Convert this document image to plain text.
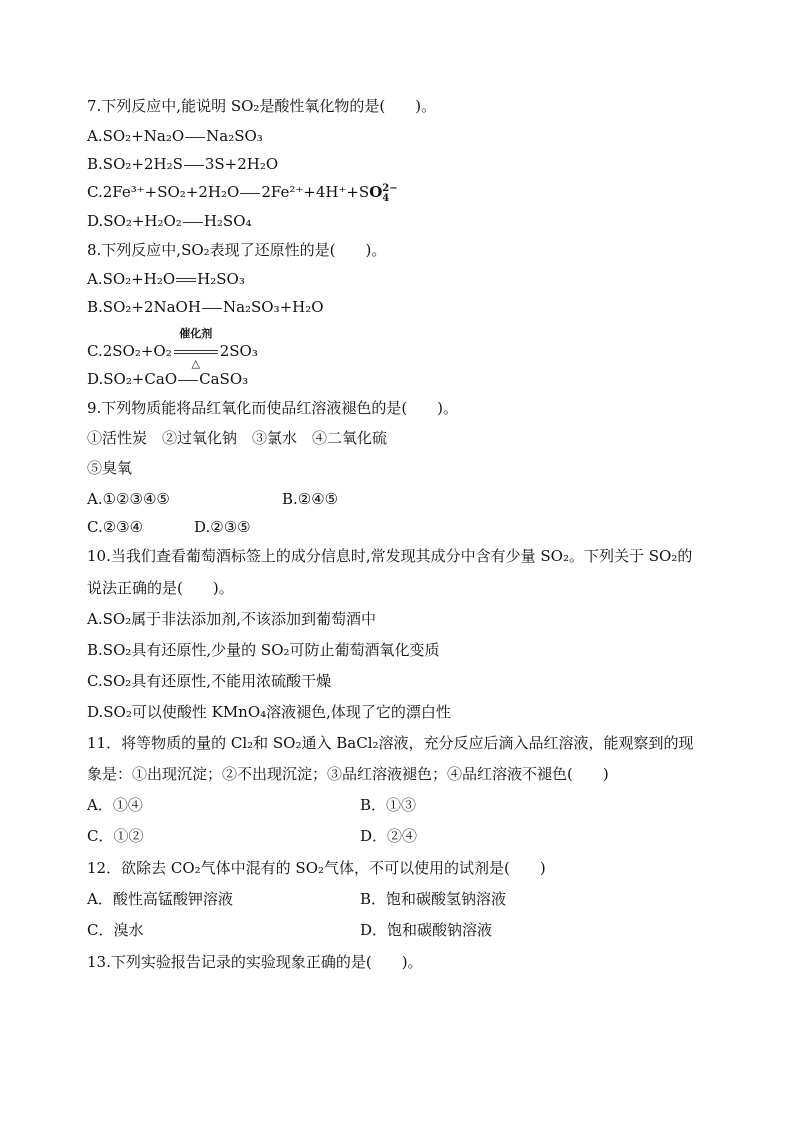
7.下列反应中,能说明 SO₂是酸性氧化物的是(　　)。
A.SO₂+Na₂O Na₂SO₃
B.SO₂+2H₂S 3S+2H₂O
C.2Fe³⁺+SO₂+2H₂O 2Fe²⁺+4H⁺+SO 2−
4
D.SO₂+H₂O₂ H₂SO₄
8.下列反应中,SO₂表现了还原性的是(　　)。
A.SO₂+H₂O H₂SO₃
B.SO₂+2NaOH Na₂SO₃+H₂O
C.2SO₂+O₂
催化剂
△
2SO₃
D.SO₂+CaO CaSO₃
9.下列物质能将品红氧化而使品红溶液褪色的是(　　)。
①活性炭　②过氧化钠　③氯水　④二氧化硫
⑤臭氧
A.①②③④⑤	B.②④⑤
C.②③④	D.②③⑤
10.当我们查看葡萄酒标签上的成分信息时,常发现其成分中含有少量 SO₂。下列关于 SO₂的
说法正确的是(　　)。
A.SO₂属于非法添加剂,不该添加到葡萄酒中
B.SO₂具有还原性,少量的 SO₂可防止葡萄酒氧化变质
C.SO₂具有还原性,不能用浓硫酸干燥
D.SO₂可以使酸性 KMnO₄溶液褪色,体现了它的漂白性
11．将等物质的量的 Cl₂和 SO₂通入 BaCl₂溶液，充分反应后滴入品红溶液，能观察到的现
象是：①出现沉淀；②不出现沉淀；③品红溶液褪色；④品红溶液不褪色(　　)
A．①④	B．①③
C．①②	D．②④
12．欲除去 CO₂气体中混有的 SO₂气体，不可以使用的试剂是(　　)
A．酸性高锰酸钾溶液	B．饱和碳酸氢钠溶液
C．溴水	D．饱和碳酸钠溶液
13.下列实验报告记录的实验现象正确的是(　　)。
